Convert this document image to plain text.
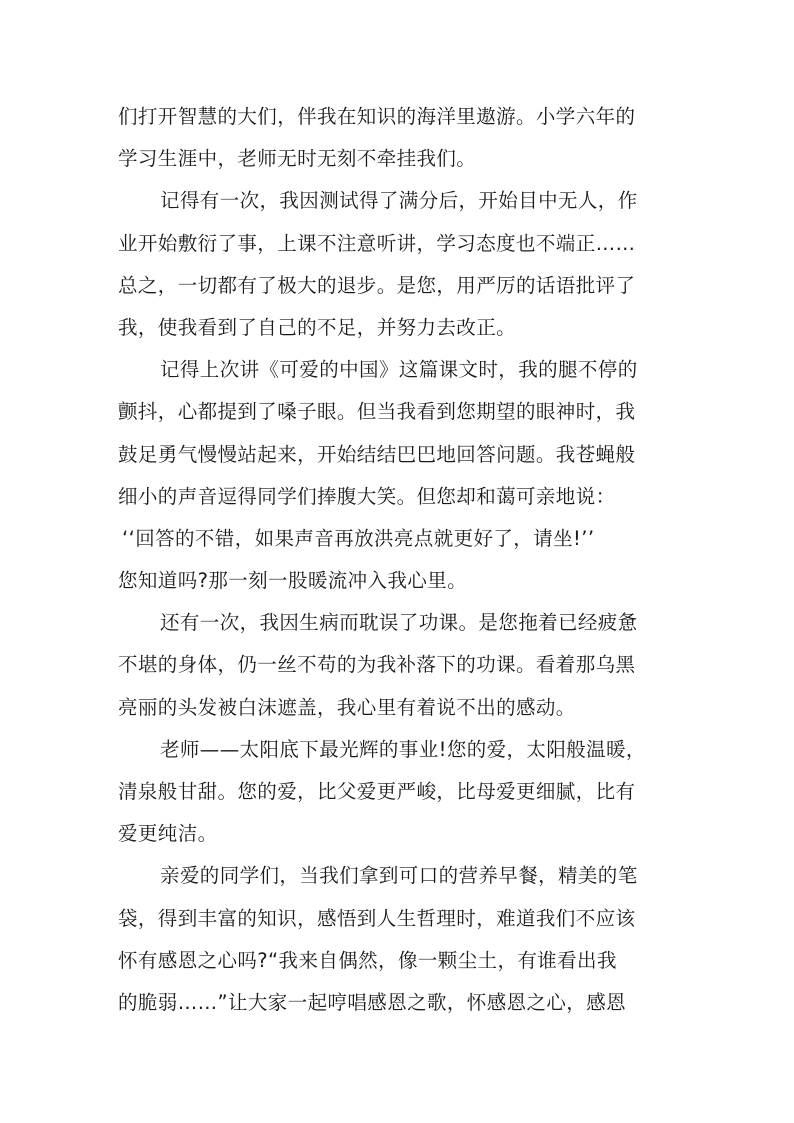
们打开智慧的大们，伴我在知识的海洋里遨游。小学六年的
学习生涯中，老师无时无刻不牵挂我们。
记得有一次，我因测试得了满分后，开始目中无人，作
业开始敷衍了事，上课不注意听讲，学习态度也不端正……
总之，一切都有了极大的退步。是您，用严厉的话语批评了
我，使我看到了自己的不足，并努力去改正。
记得上次讲《可爱的中国》这篇课文时，我的腿不停的
颤抖，心都提到了嗓子眼。但当我看到您期望的眼神时，我
鼓足勇气慢慢站起来，开始结结巴巴地回答问题。我苍蝇般
细小的声音逗得同学们捧腹大笑。但您却和蔼可亲地说：
‘‘回答的不错，如果声音再放洪亮点就更好了，请坐!’’
您知道吗?那一刻一股暖流冲入我心里。
还有一次，我因生病而耽误了功课。是您拖着已经疲惫
不堪的身体，仍一丝不苟的为我补落下的功课。看着那乌黑
亮丽的头发被白沫遮盖，我心里有着说不出的感动。
老师——太阳底下最光辉的事业!您的爱，太阳般温暖，
清泉般甘甜。您的爱，比父爱更严峻，比母爱更细腻，比有
爱更纯洁。
亲爱的同学们，当我们拿到可口的营养早餐，精美的笔
袋，得到丰富的知识，感悟到人生哲理时，难道我们不应该
怀有感恩之心吗?“我来自偶然，像一颗尘土，有谁看出我
的脆弱……”让大家一起哼唱感恩之歌，怀感恩之心，感恩
